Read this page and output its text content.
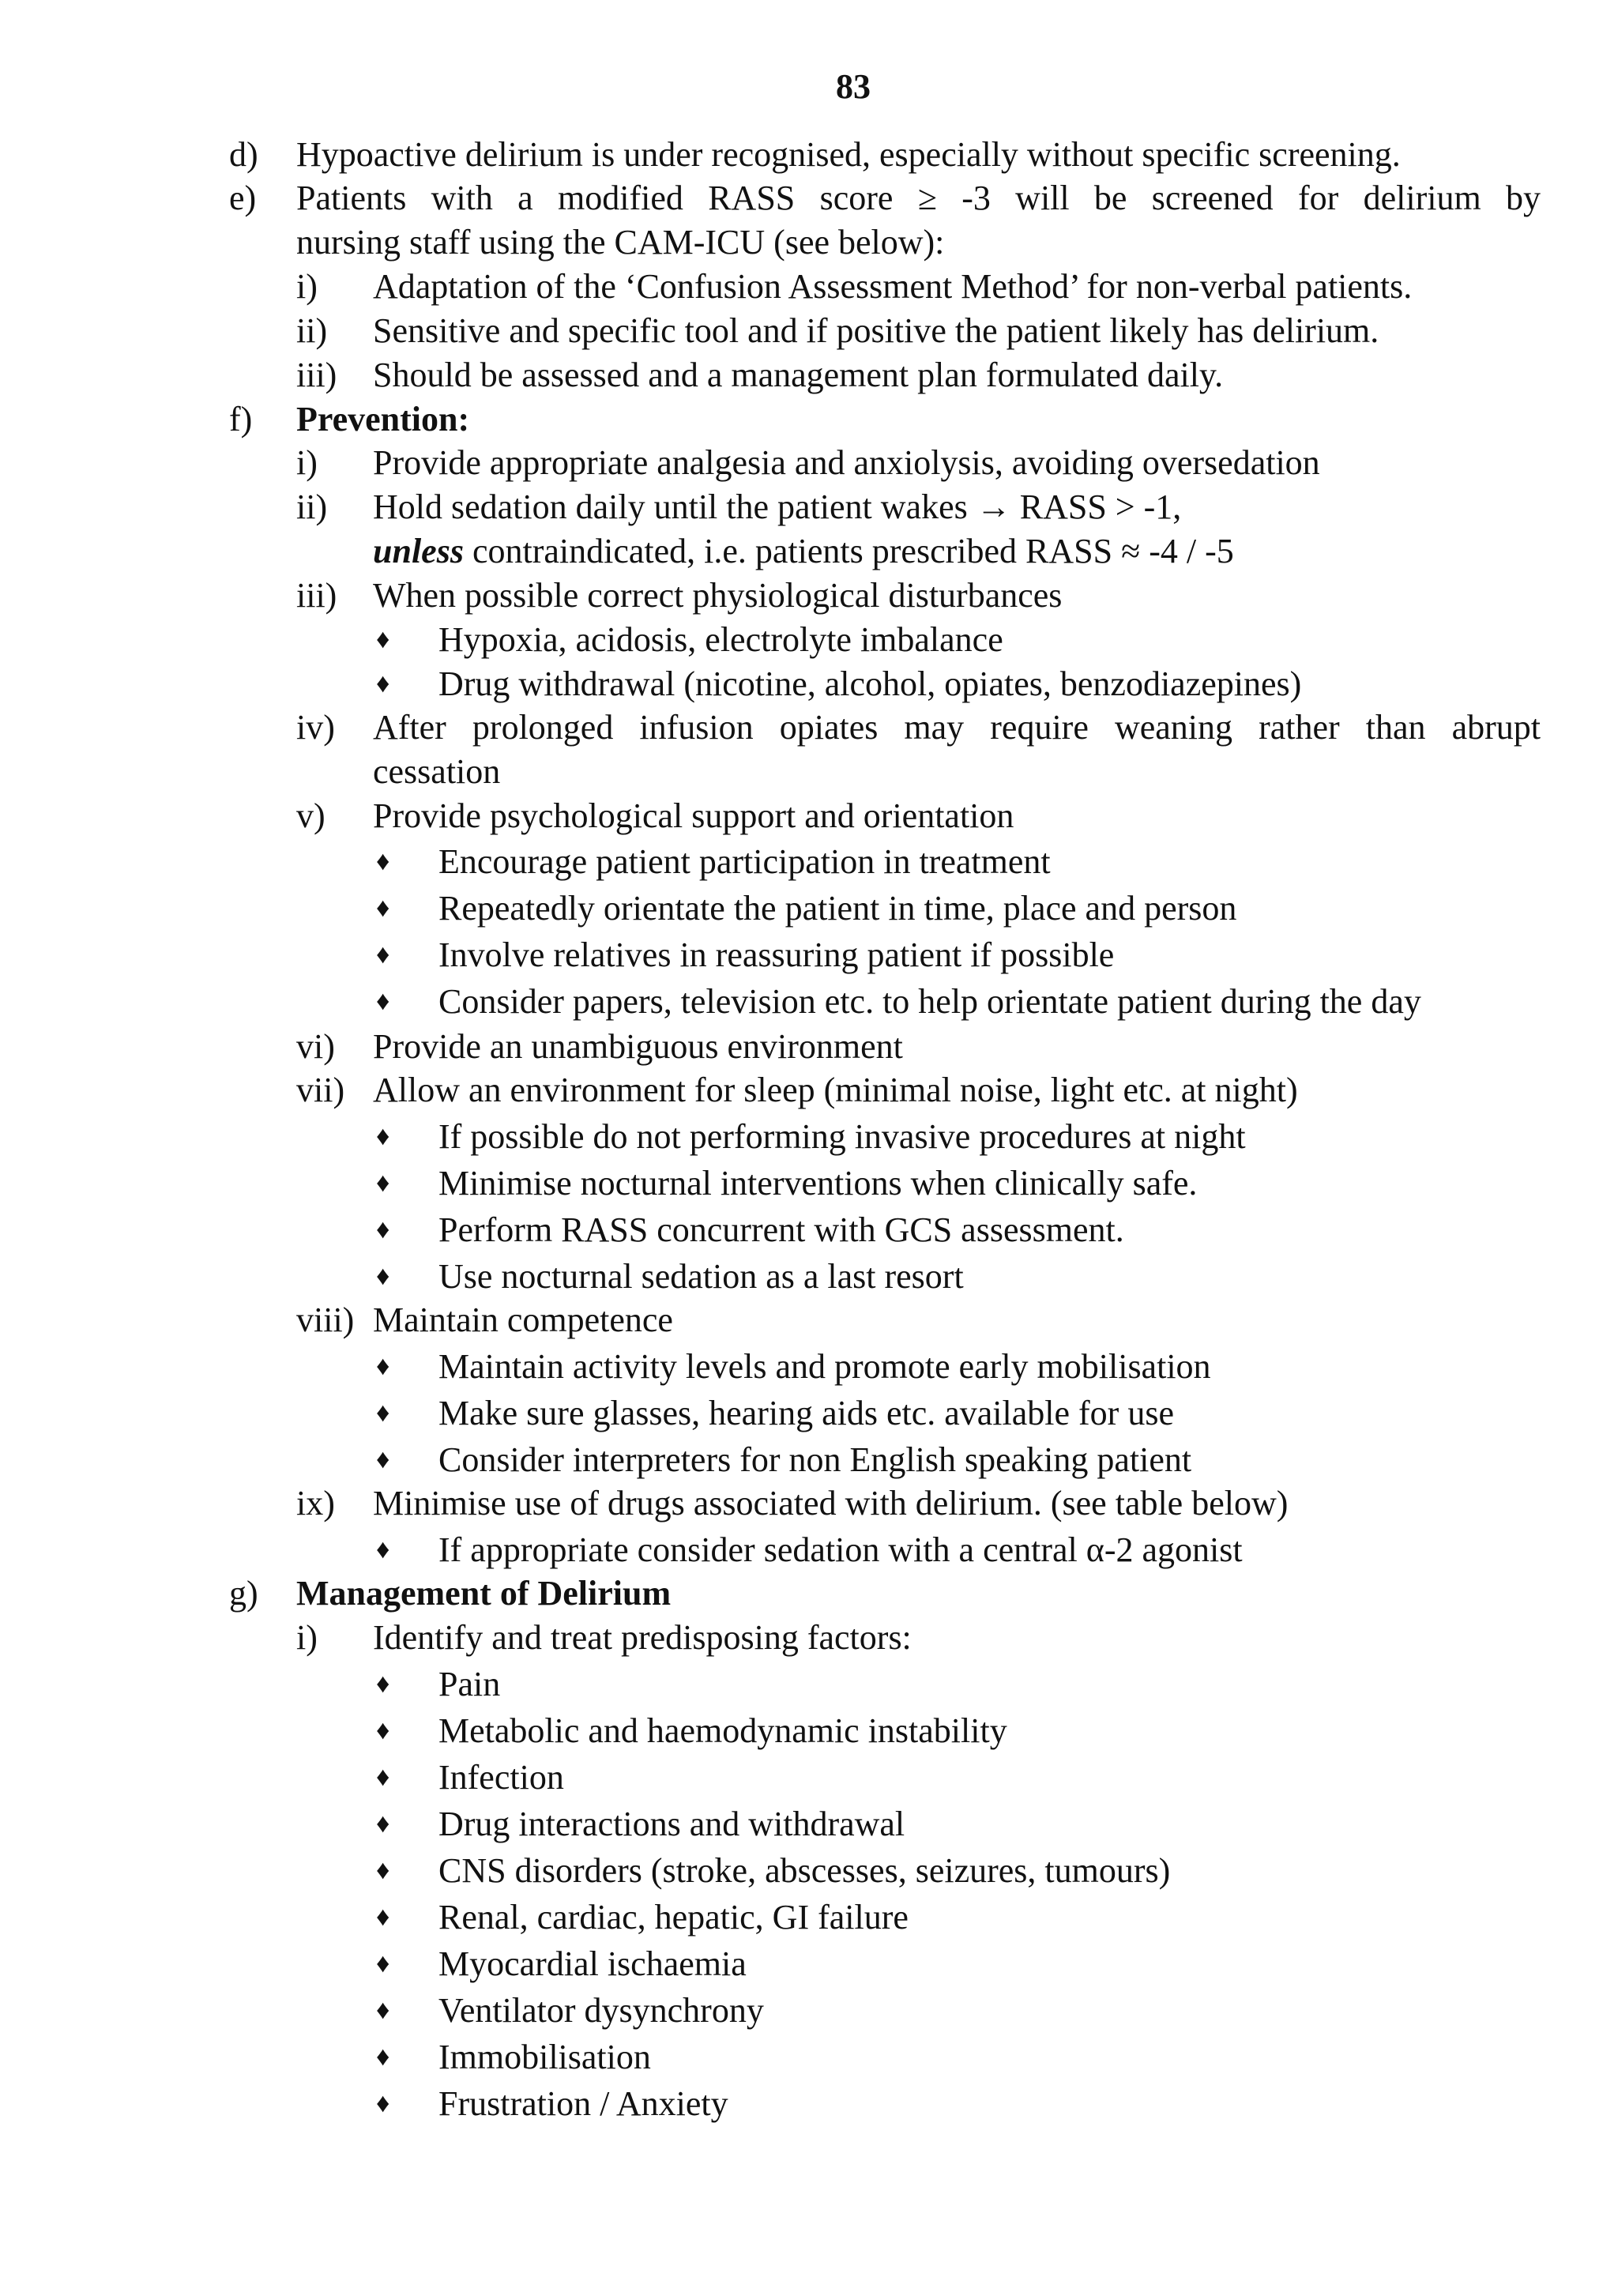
83
d) Hypoactive delirium is under recognised, especially without specific screening.
e) Patients with a modified RASS score ≥ -3 will be screened for delirium by
nursing staff using the CAM-ICU (see below):
i) Adaptation of the ‘Confusion Assessment Method’ for non-verbal patients.
ii) Sensitive and specific tool and if positive the patient likely has delirium.
iii) Should be assessed and a management plan formulated daily.
f) Prevention:
i) Provide appropriate analgesia and anxiolysis, avoiding oversedation
ii) Hold sedation daily until the patient wakes → RASS > -1,
unless contraindicated, i.e. patients prescribed RASS ≈ -4 / -5
iii) When possible correct physiological disturbances
♦ Hypoxia, acidosis, electrolyte imbalance
♦ Drug withdrawal (nicotine, alcohol, opiates, benzodiazepines)
iv) After prolonged infusion opiates may require weaning rather than abrupt
cessation
v) Provide psychological support and orientation
♦ Encourage patient participation in treatment
♦ Repeatedly orientate the patient in time, place and person
♦ Involve relatives in reassuring patient if possible
♦ Consider papers, television etc. to help orientate patient during the day
vi) Provide an unambiguous environment
vii) Allow an environment for sleep (minimal noise, light etc. at night)
♦ If possible do not performing invasive procedures at night
♦ Minimise nocturnal interventions when clinically safe.
♦ Perform RASS concurrent with GCS assessment.
♦ Use nocturnal sedation as a last resort
viii) Maintain competence
♦ Maintain activity levels and promote early mobilisation
♦ Make sure glasses, hearing aids etc. available for use
♦ Consider interpreters for non English speaking patient
ix) Minimise use of drugs associated with delirium. (see table below)
♦ If appropriate consider sedation with a central α-2 agonist
g) Management of Delirium
i) Identify and treat predisposing factors:
♦ Pain
♦ Metabolic and haemodynamic instability
♦ Infection
♦ Drug interactions and withdrawal
♦ CNS disorders (stroke, abscesses, seizures, tumours)
♦ Renal, cardiac, hepatic, GI failure
♦ Myocardial ischaemia
♦ Ventilator dysynchrony
♦ Immobilisation
♦ Frustration / Anxiety
